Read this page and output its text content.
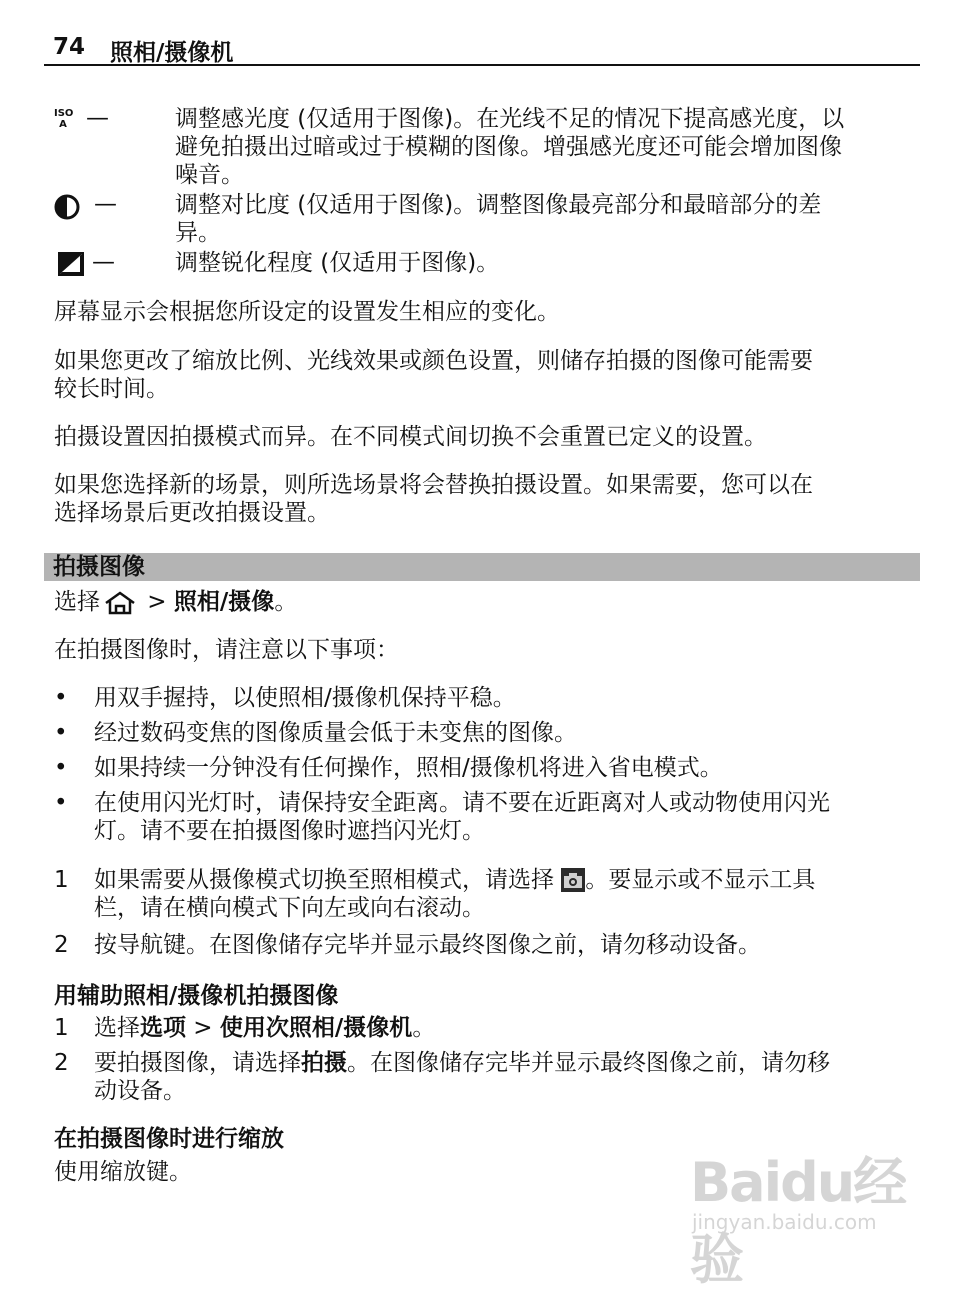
74 照相/摄像机
ISO
A —	调整感光度 (仅适用于图像)。在光线不足的情况下提高感光度，以
避免拍摄出过暗或过于模糊的图像。增强感光度还可能会增加图像
噪音。
—	调整对比度 (仅适用于图像)。调整图像最亮部分和最暗部分的差
异。
—	调整锐化程度 (仅适用于图像)。
屏幕显示会根据您所设定的设置发生相应的变化。
如果您更改了缩放比例、光线效果或颜色设置，则储存拍摄的图像可能需要
较长时间。
拍摄设置因拍摄模式而异。在不同模式间切换不会重置已定义的设置。
如果您选择新的场景，则所选场景将会替换拍摄设置。如果需要，您可以在
选择场景后更改拍摄设置。
拍摄图像
选择 > 照相/摄像。
在拍摄图像时，请注意以下事项：
• 用双手握持，以使照相/摄像机保持平稳。
• 经过数码变焦的图像质量会低于未变焦的图像。
• 如果持续一分钟没有任何操作，照相/摄像机将进入省电模式。
• 在使用闪光灯时，请保持安全距离。请不要在近距离对人或动物使用闪光
灯。请不要在拍摄图像时遮挡闪光灯。
1 如果需要从摄像模式切换至照相模式，请选择 。要显示或不显示工具
栏，请在横向模式下向左或向右滚动。
2 按导航键。在图像储存完毕并显示最终图像之前，请勿移动设备。
用辅助照相/摄像机拍摄图像
1 选择选项 > 使用次照相/摄像机。
2 要拍摄图像，请选择拍摄。在图像储存完毕并显示最终图像之前，请勿移
动设备。
在拍摄图像时进行缩放
使用缩放键。	Baidu经验
jingyan.baidu.com
